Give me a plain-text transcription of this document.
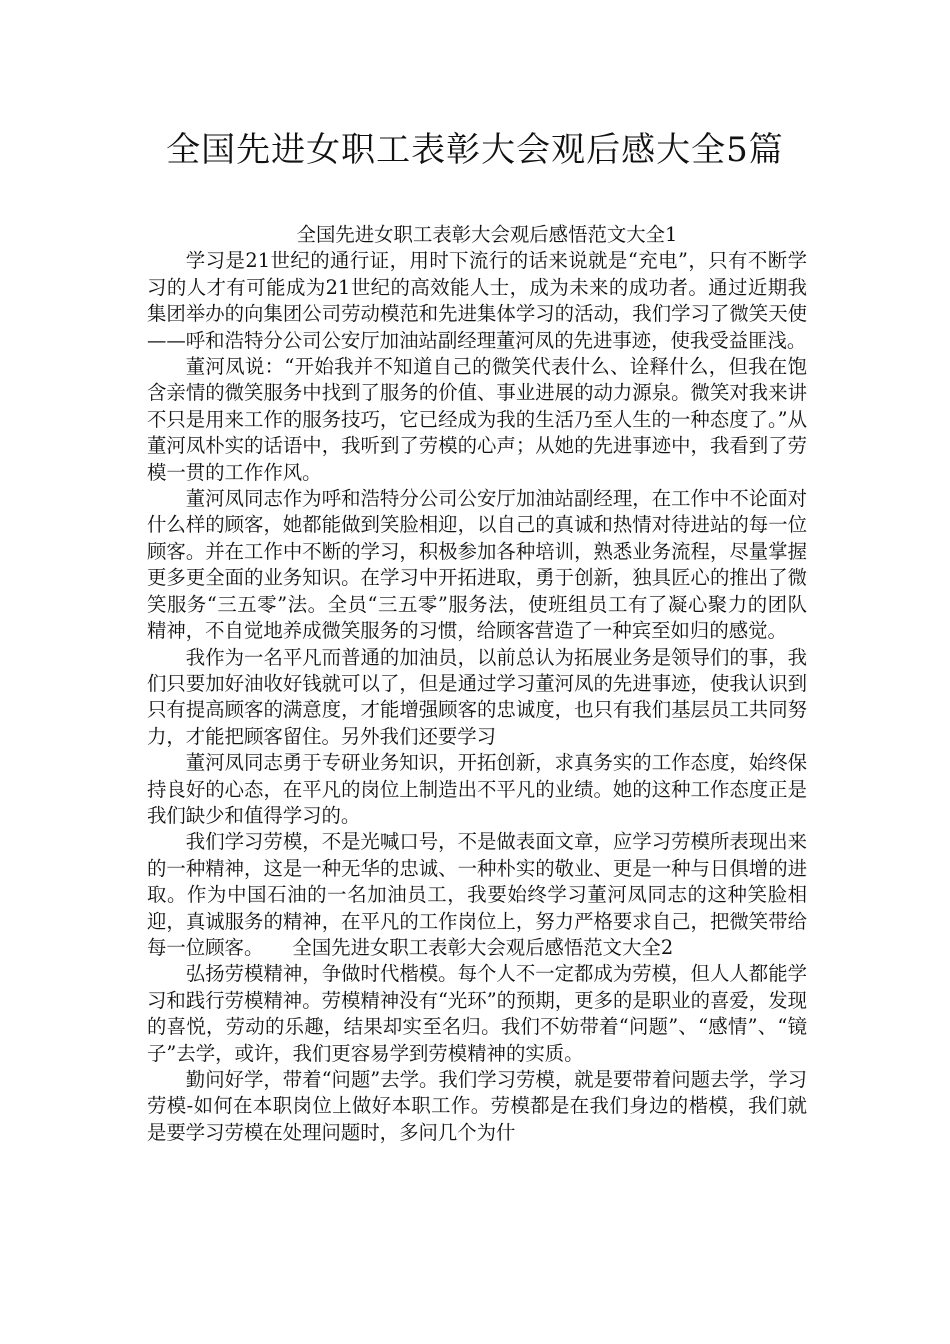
全国先进女职工表彰大会观后感大全5篇

全国先进女职工表彰大会观后感悟范文大全1

学习是21世纪的通行证，用时下流行的话来说就是“充电”，只有不断学习的人才有可能成为21世纪的高效能人士，成为未来的成功者。通过近期我集团举办的向集团公司劳动模范和先进集体学习的活动，我们学习了微笑天使——呼和浩特分公司公安厅加油站副经理董河凤的先进事迹，使我受益匪浅。

董河凤说：“开始我并不知道自己的微笑代表什么、诠释什么，但我在饱含亲情的微笑服务中找到了服务的价值、事业进展的动力源泉。微笑对我来讲不只是用来工作的服务技巧，它已经成为我的生活乃至人生的一种态度了。”从董河凤朴实的话语中，我听到了劳模的心声；从她的先进事迹中，我看到了劳模一贯的工作作风。

董河凤同志作为呼和浩特分公司公安厅加油站副经理，在工作中不论面对什么样的顾客，她都能做到笑脸相迎，以自己的真诚和热情对待进站的每一位顾客。并在工作中不断的学习，积极参加各种培训，熟悉业务流程，尽量掌握更多更全面的业务知识。在学习中开拓进取，勇于创新，独具匠心的推出了微笑服务“三五零”法。全员“三五零”服务法，使班组员工有了凝心聚力的团队精神，不自觉地养成微笑服务的习惯，给顾客营造了一种宾至如归的感觉。

我作为一名平凡而普通的加油员，以前总认为拓展业务是领导们的事，我们只要加好油收好钱就可以了，但是通过学习董河凤的先进事迹，使我认识到只有提高顾客的满意度，才能增强顾客的忠诚度，也只有我们基层员工共同努力，才能把顾客留住。另外我们还要学习

董河凤同志勇于专研业务知识，开拓创新，求真务实的工作态度，始终保持良好的心态，在平凡的岗位上制造出不平凡的业绩。她的这种工作态度正是我们缺少和值得学习的。

我们学习劳模，不是光喊口号，不是做表面文章，应学习劳模所表现出来的一种精神，这是一种无华的忠诚、一种朴实的敬业、更是一种与日俱增的进取。作为中国石油的一名加油员工，我要始终学习董河凤同志的这种笑脸相迎，真诚服务的精神，在平凡的工作岗位上，努力严格要求自己，把微笑带给每一位顾客。　　全国先进女职工表彰大会观后感悟范文大全2

弘扬劳模精神，争做时代楷模。每个人不一定都成为劳模，但人人都能学习和践行劳模精神。劳模精神没有“光环”的预期，更多的是职业的喜爱，发现的喜悦，劳动的乐趣，结果却实至名归。我们不妨带着“问题”、“感情”、“镜子”去学，或许，我们更容易学到劳模精神的实质。

勤问好学，带着“问题”去学。我们学习劳模，就是要带着问题去学，学习劳模-如何在本职岗位上做好本职工作。劳模都是在我们身边的楷模，我们就是要学习劳模在处理问题时，多问几个为什
